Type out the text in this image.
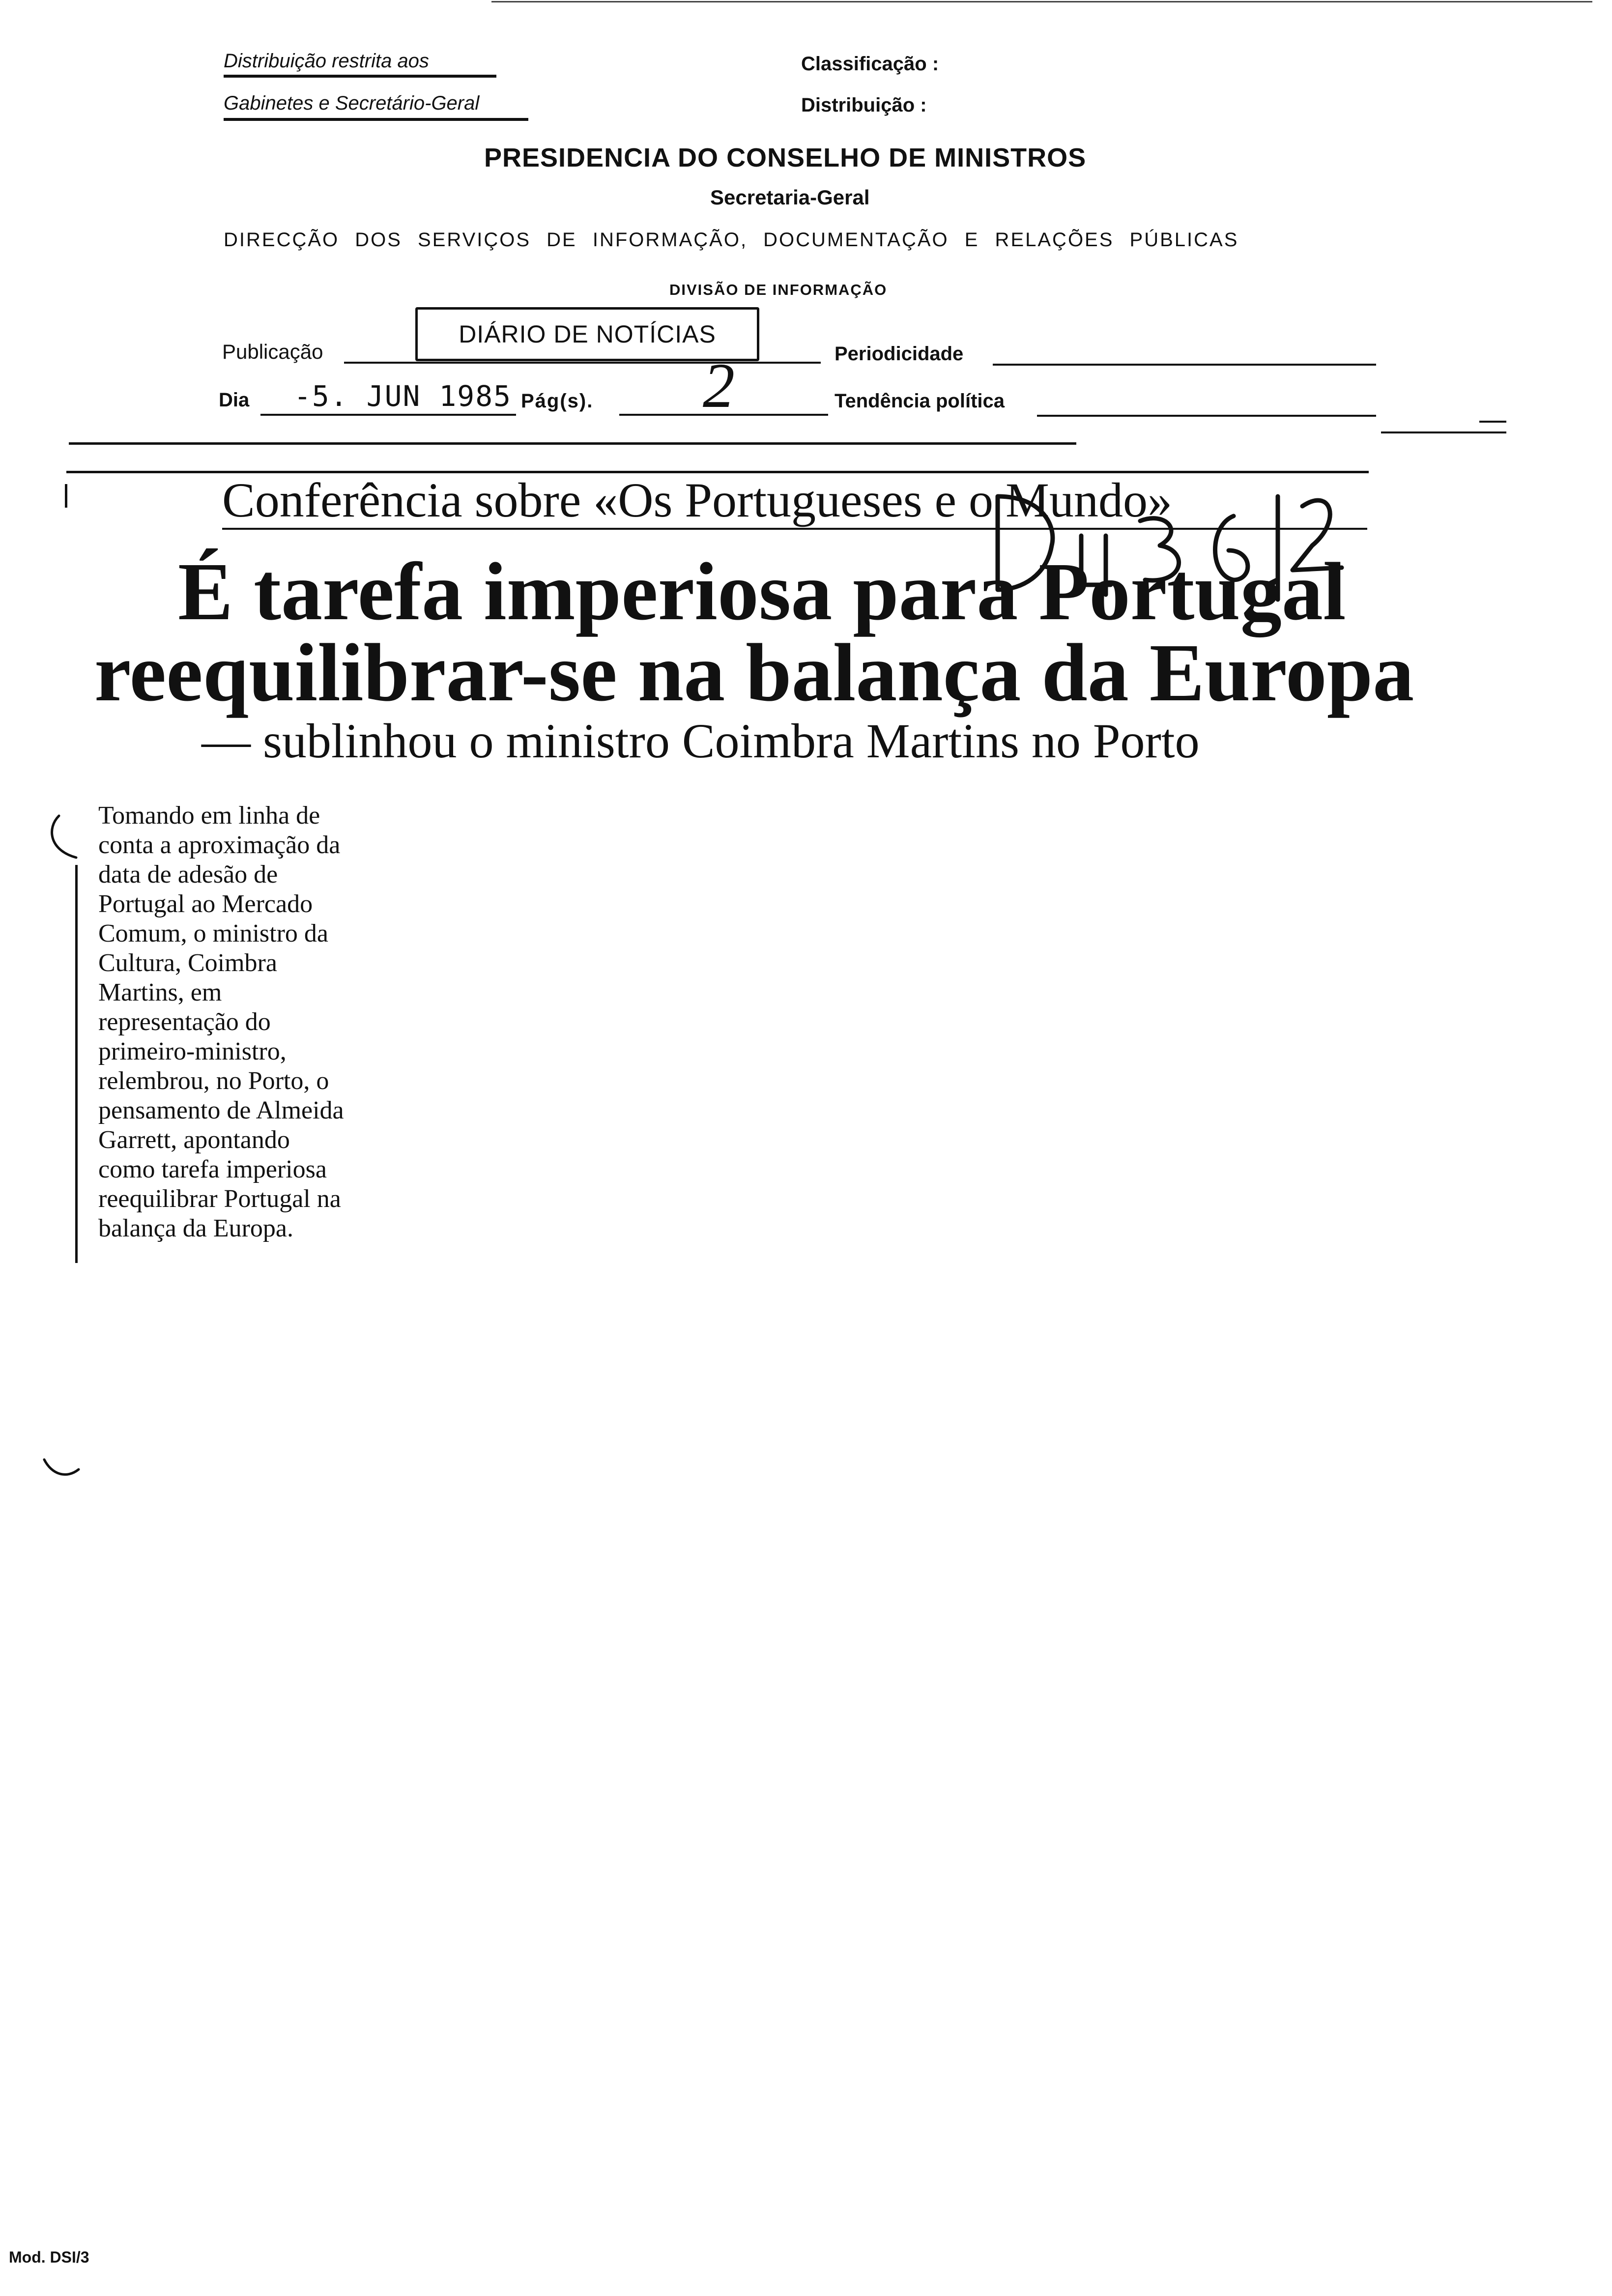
Distribuição restrita aos
Gabinetes e Secretário-Geral
Classificação :
Distribuição :
PRESIDENCIA DO CONSELHO DE MINISTROS
Secretaria-Geral
DIRECÇÃO DOS SERVIÇOS DE INFORMAÇÃO, DOCUMENTAÇÃO E RELAÇÕES PÚBLICAS
DIVISÃO DE INFORMAÇÃO
Publicação
DIÁRIO DE NOTÍCIAS
Periodicidade
Dia -5. JUN 1985 Pág(s). 2	Tendência política
Conferência sobre «Os Portugueses e o Mundo»
É tarefa imperiosa para Portugal
reequilibrar-se na balança da Europa
— sublinhou o ministro Coimbra Martins no Porto
Tomando em linha de
conta a aproximação da
data de adesão de
Portugal ao Mercado
Comum, o ministro da
Cultura, Coimbra
Martins, em
representação do
primeiro-ministro,
relembrou, no Porto, o
pensamento de Almeida
Garrett, apontando
como tarefa imperiosa
reequilibrar Portugal na
balança da Europa.
Mod. DSI/3
